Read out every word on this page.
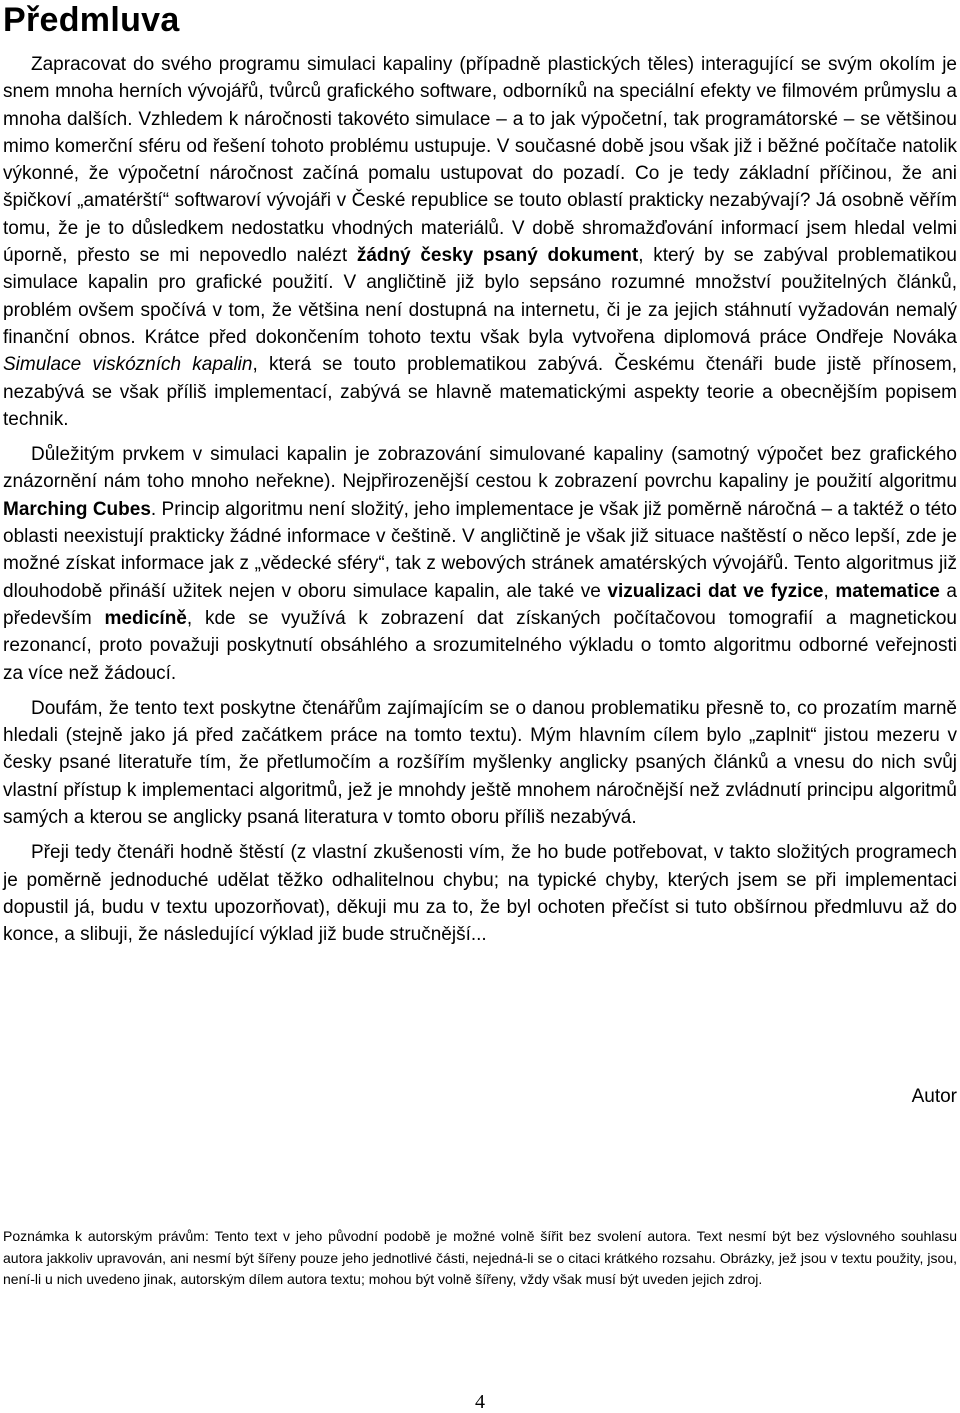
Předmluva

Zapracovat do svého programu simulaci kapaliny (případně plastických těles) interagující se svým okolím je snem mnoha herních vývojářů, tvůrců grafického software, odborníků na speciální efekty ve filmovém průmyslu a mnoha dalších. Vzhledem k náročnosti takovéto simulace – a to jak výpočetní, tak programátorské – se většinou mimo komerční sféru od řešení tohoto problému ustupuje. V současné době jsou však již i běžné počítače natolik výkonné, že výpočetní náročnost začíná pomalu ustupovat do pozadí. Co je tedy základní příčinou, že ani špičkoví „amatérští“ softwaroví vývojáři v České republice se touto oblastí prakticky nezabývají? Já osobně věřím tomu, že je to důsledkem nedostatku vhodných materiálů. V době shromažďování informací jsem hledal velmi úporně, přesto se mi nepovedlo nalézt žádný česky psaný dokument, který by se zabýval problematikou simulace kapalin pro grafické použití. V angličtině již bylo sepsáno rozumné množství použitelných článků, problém ovšem spočívá v tom, že většina není dostupná na internetu, či je za jejich stáhnutí vyžadován nemalý finanční obnos. Krátce před dokončením tohoto textu však byla vytvořena diplomová práce Ondřeje Nováka Simulace viskózních kapalin, která se touto problematikou zabývá. Českému čtenáři bude jistě přínosem, nezabývá se však příliš implementací, zabývá se hlavně matematickými aspekty teorie a obecnějším popisem technik.

Důležitým prvkem v simulaci kapalin je zobrazování simulované kapaliny (samotný výpočet bez grafického znázornění nám toho mnoho neřekne). Nejpřirozenější cestou k zobrazení povrchu kapaliny je použití algoritmu Marching Cubes. Princip algoritmu není složitý, jeho implementace je však již poměrně náročná – a taktéž o této oblasti neexistují prakticky žádné informace v češtině. V angličtině je však již situace naštěstí o něco lepší, zde je možné získat informace jak z „vědecké sféry“, tak z webových stránek amatérských vývojářů. Tento algoritmus již dlouhodobě přináší užitek nejen v oboru simulace kapalin, ale také ve vizualizaci dat ve fyzice, matematice a především medicíně, kde se využívá k zobrazení dat získaných počítačovou tomografií a magnetickou rezonancí, proto považuji poskytnutí obsáhlého a srozumitelného výkladu o tomto algoritmu odborné veřejnosti za více než žádoucí.

Doufám, že tento text poskytne čtenářům zajímajícím se o danou problematiku přesně to, co prozatím marně hledali (stejně jako já před začátkem práce na tomto textu). Mým hlavním cílem bylo „zaplnit“ jistou mezeru v česky psané literatuře tím, že přetlumočím a rozšířím myšlenky anglicky psaných článků a vnesu do nich svůj vlastní přístup k implementaci algoritmů, jež je mnohdy ještě mnohem náročnější než zvládnutí principu algoritmů samých a kterou se anglicky psaná literatura v tomto oboru příliš nezabývá.

Přeji tedy čtenáři hodně štěstí (z vlastní zkušenosti vím, že ho bude potřebovat, v takto složitých programech je poměrně jednoduché udělat těžko odhalitelnou chybu; na typické chyby, kterých jsem se při implementaci dopustil já, budu v textu upozorňovat), děkuji mu za to, že byl ochoten přečíst si tuto obšírnou předmluvu až do konce, a slibuji, že následující výklad již bude stručnější...

Autor

Poznámka k autorským právům: Tento text v jeho původní podobě je možné volně šířit bez svolení autora. Text nesmí být bez výslovného souhlasu autora jakkoliv upravován, ani nesmí být šířeny pouze jeho jednotlivé části, nejedná-li se o citaci krátkého rozsahu. Obrázky, jež jsou v textu použity, jsou, není-li u nich uvedeno jinak, autorským dílem autora textu; mohou být volně šířeny, vždy však musí být uveden jejich zdroj.

4
